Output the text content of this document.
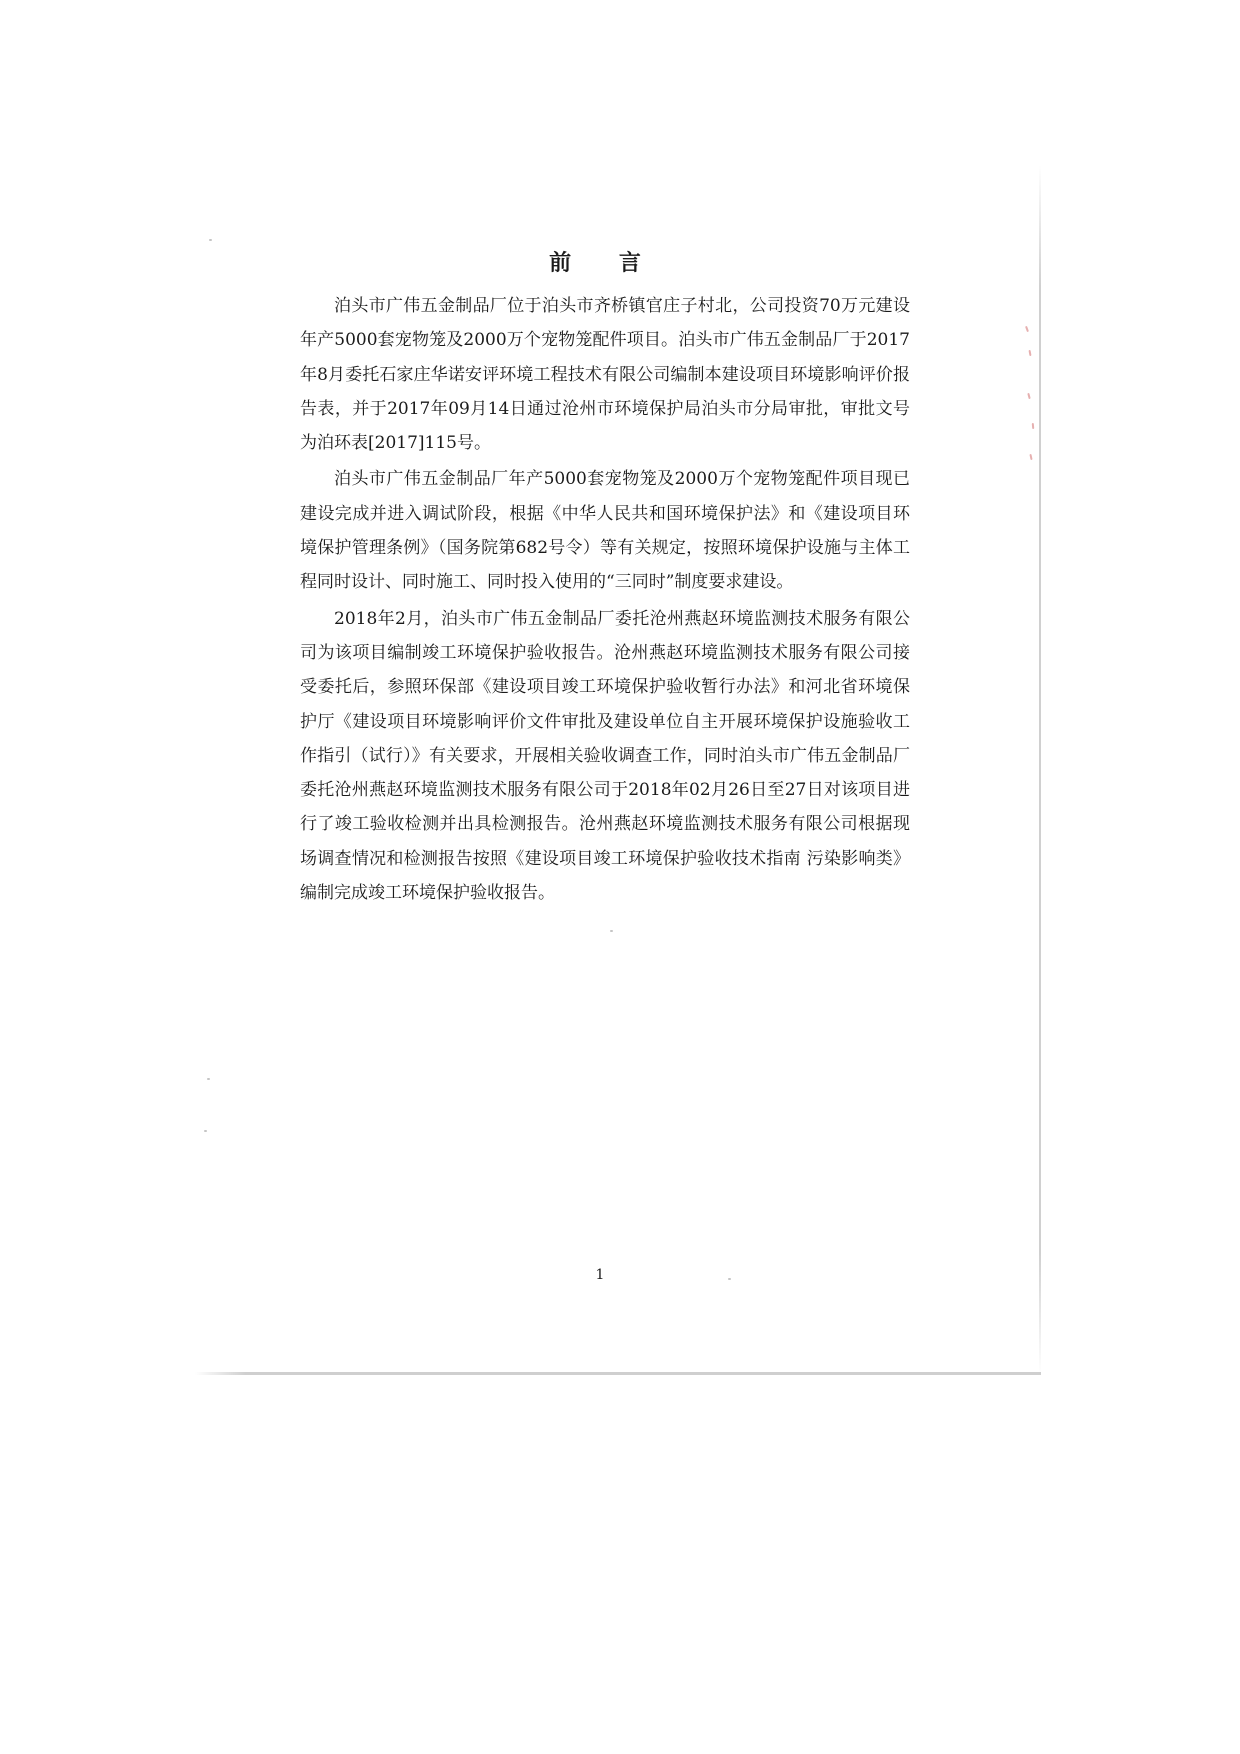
前 言

泊头市广伟五金制品厂位于泊头市齐桥镇官庄子村北，公司投资70万元建设年产5000套宠物笼及2000万个宠物笼配件项目。泊头市广伟五金制品厂于2017年8月委托石家庄华诺安评环境工程技术有限公司编制本建设项目环境影响评价报告表，并于2017年09月14日通过沧州市环境保护局泊头市分局审批，审批文号为泊环表[2017]115号。

泊头市广伟五金制品厂年产5000套宠物笼及2000万个宠物笼配件项目现已建设完成并进入调试阶段，根据《中华人民共和国环境保护法》和《建设项目环境保护管理条例》（国务院第682号令）等有关规定，按照环境保护设施与主体工程同时设计、同时施工、同时投入使用的“三同时”制度要求建设。

2018年2月，泊头市广伟五金制品厂委托沧州燕赵环境监测技术服务有限公司为该项目编制竣工环境保护验收报告。沧州燕赵环境监测技术服务有限公司接受委托后，参照环保部《建设项目竣工环境保护验收暂行办法》和河北省环境保护厅《建设项目环境影响评价文件审批及建设单位自主开展环境保护设施验收工作指引（试行）》有关要求，开展相关验收调查工作，同时泊头市广伟五金制品厂委托沧州燕赵环境监测技术服务有限公司于2018年02月26日至27日对该项目进行了竣工验收检测并出具检测报告。沧州燕赵环境监测技术服务有限公司根据现场调查情况和检测报告按照《建设项目竣工环境保护验收技术指南 污染影响类》编制完成竣工环境保护验收报告。

1
